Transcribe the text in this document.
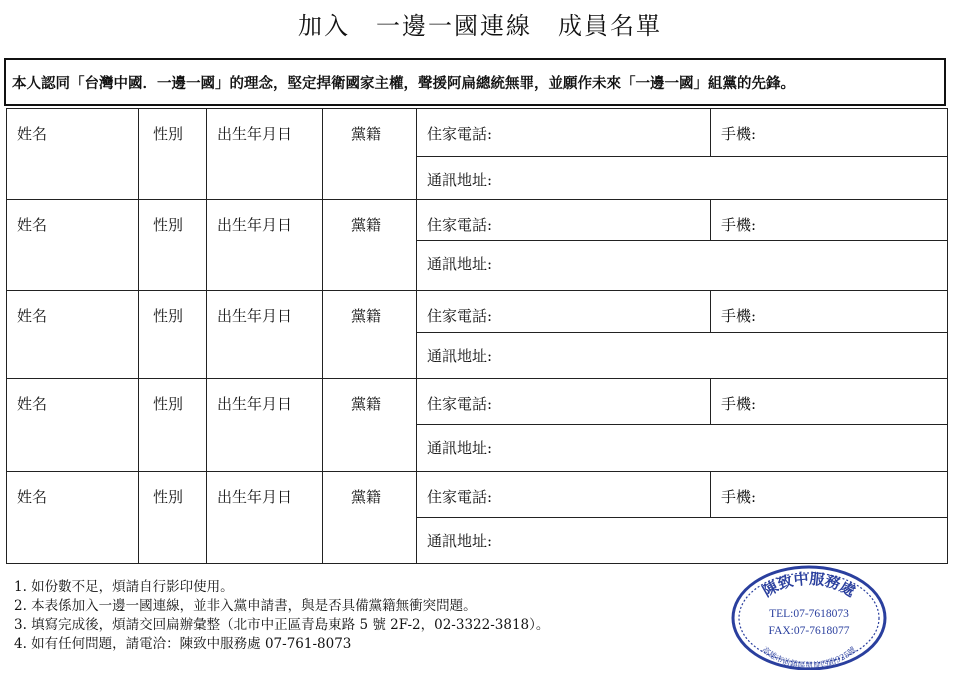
加入　一邊一國連線　成員名單
本人認同「台灣中國．一邊一國」的理念，堅定捍衛國家主權，聲援阿扁總統無罪，並願作未來「一邊一國」組黨的先鋒。
姓名	性別	出生年月日	黨籍	住家電話:	手機:
通訊地址:
姓名	性別	出生年月日	黨籍	住家電話:	手機:
通訊地址:
姓名	性別	出生年月日	黨籍	住家電話:	手機:
通訊地址:
姓名	性別	出生年月日	黨籍	住家電話:	手機:
通訊地址:
姓名	性別	出生年月日	黨籍	住家電話:	手機:
通訊地址:
1. 如份數不足，煩請自行影印使用。
2. 本表係加入一邊一國連線，並非入黨申請書，與是否具備黨籍無衝突問題。
3. 填寫完成後，煩請交回扁辦彙整（北市中正區青島東路 5 號 2F-2，02-3322-3818）。
4. 如有任何問題，請電洽：陳致中服務處 07-761-8073
陳致中服務處
TEL:07-7618073
FAX:07-7618077
高雄市前鎮區凱旋四路925號
